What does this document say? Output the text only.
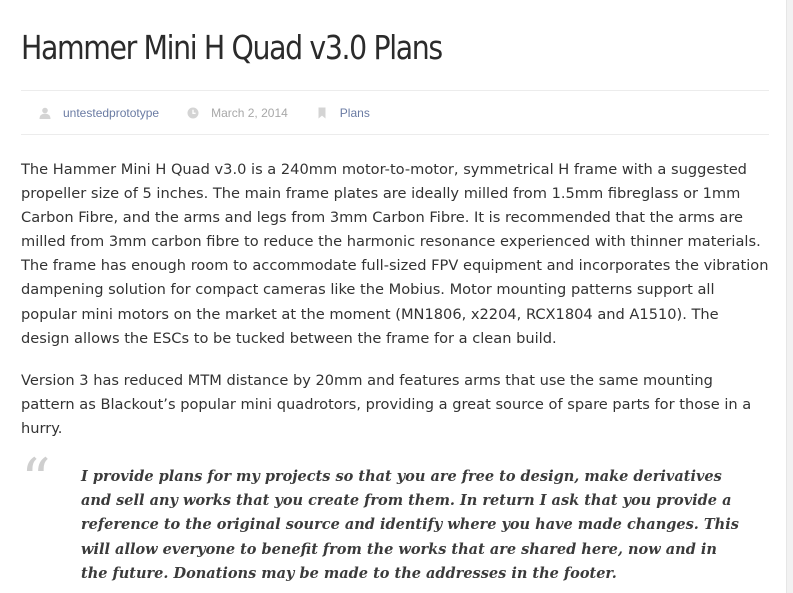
Hammer Mini H Quad v3.0 Plans
untestedprototype	March 2, 2014	Plans

The Hammer Mini H Quad v3.0 is a 240mm motor-to-motor, symmetrical H frame with a suggested propeller size of 5 inches. The main frame plates are ideally milled from 1.5mm fibreglass or 1mm Carbon Fibre, and the arms and legs from 3mm Carbon Fibre. It is recommended that the arms are milled from 3mm carbon fibre to reduce the harmonic resonance experienced with thinner materials. The frame has enough room to accommodate full-sized FPV equipment and incorporates the vibration dampening solution for compact cameras like the Mobius. Motor mounting patterns support all popular mini motors on the market at the moment (MN1806, x2204, RCX1804 and A1510). The design allows the ESCs to be tucked between the frame for a clean build.

Version 3 has reduced MTM distance by 20mm and features arms that use the same mounting pattern as Blackout’s popular mini quadrotors, providing a great source of spare parts for those in a hurry.

“ I provide plans for my projects so that you are free to design, make derivatives and sell any works that you create from them. In return I ask that you provide a reference to the original source and identify where you have made changes. This will allow everyone to benefit from the works that are shared here, now and in the future. Donations may be made to the addresses in the footer.
